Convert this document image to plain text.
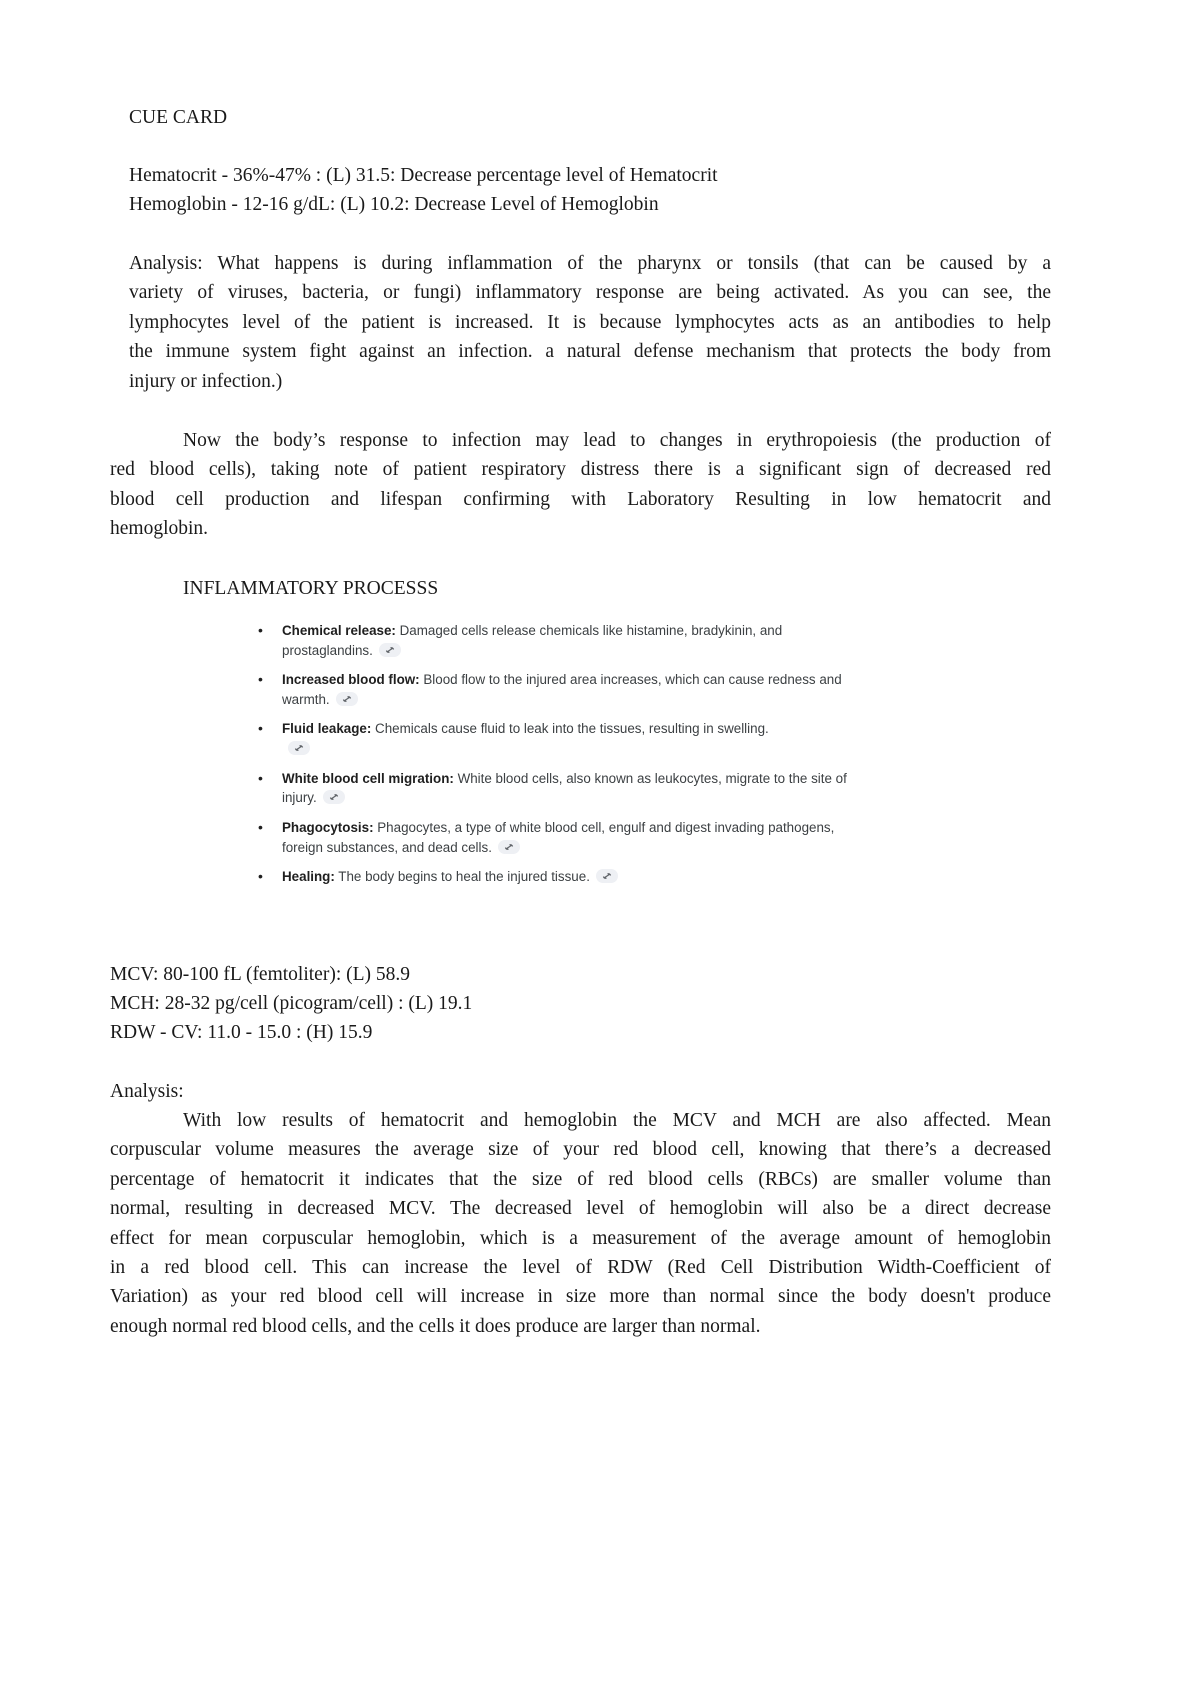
CUE CARD
Hematocrit - 36%-47% : (L) 31.5: Decrease percentage level of Hematocrit
Hemoglobin - 12-16 g/dL: (L) 10.2: Decrease Level of Hemoglobin
Analysis: What happens is during inflammation of the pharynx or tonsils (that can be caused by a
variety of viruses, bacteria, or fungi) inflammatory response are being activated. As you can see, the
lymphocytes level of the patient is increased. It is because lymphocytes acts as an antibodies to help
the immune system fight against an infection. a natural defense mechanism that protects the body from
injury or infection.)
Now the body’s response to infection may lead to changes in erythropoiesis (the production of
red blood cells), taking note of patient respiratory distress there is a significant sign of decreased red
blood cell production and lifespan confirming with Laboratory Resulting in low hematocrit and
hemoglobin.
INFLAMMATORY PROCESSS
• Chemical release: Damaged cells release chemicals like histamine, bradykinin, and prostaglandins.
• Increased blood flow: Blood flow to the injured area increases, which can cause redness and warmth.
• Fluid leakage: Chemicals cause fluid to leak into the tissues, resulting in swelling.
• White blood cell migration: White blood cells, also known as leukocytes, migrate to the site of injury.
• Phagocytosis: Phagocytes, a type of white blood cell, engulf and digest invading pathogens, foreign substances, and dead cells.
• Healing: The body begins to heal the injured tissue.
MCV: 80-100 fL (femtoliter): (L) 58.9
MCH: 28-32 pg/cell (picogram/cell) : (L) 19.1
RDW - CV: 11.0 - 15.0 : (H) 15.9
Analysis:
With low results of hematocrit and hemoglobin the MCV and MCH are also affected. Mean
corpuscular volume measures the average size of your red blood cell, knowing that there’s a decreased
percentage of hematocrit it indicates that the size of red blood cells (RBCs) are smaller volume than
normal, resulting in decreased MCV. The decreased level of hemoglobin will also be a direct decrease
effect for mean corpuscular hemoglobin, which is a measurement of the average amount of hemoglobin
in a red blood cell. This can increase the level of RDW (Red Cell Distribution Width-Coefficient of
Variation) as your red blood cell will increase in size more than normal since the body doesn't produce
enough normal red blood cells, and the cells it does produce are larger than normal.
